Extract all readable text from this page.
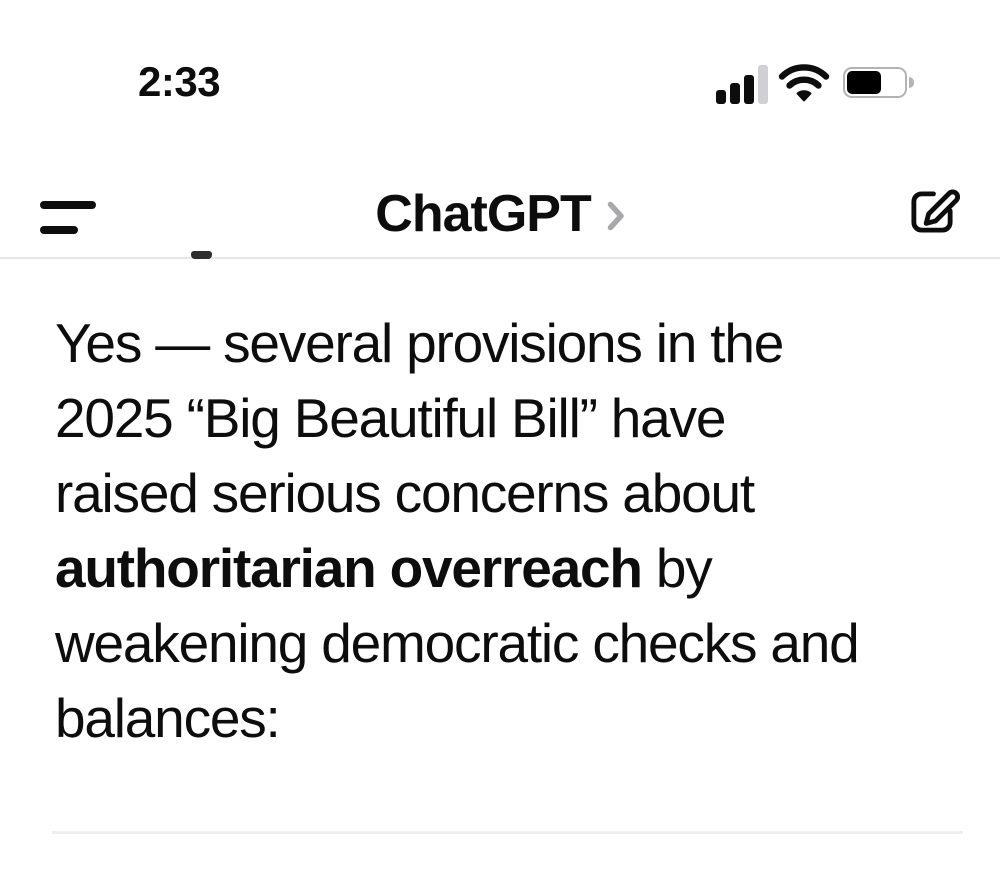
2:33
ChatGPT
Yes — several provisions in the
2025 “Big Beautiful Bill” have
raised serious concerns about
authoritarian overreach by
weakening democratic checks and
balances:
